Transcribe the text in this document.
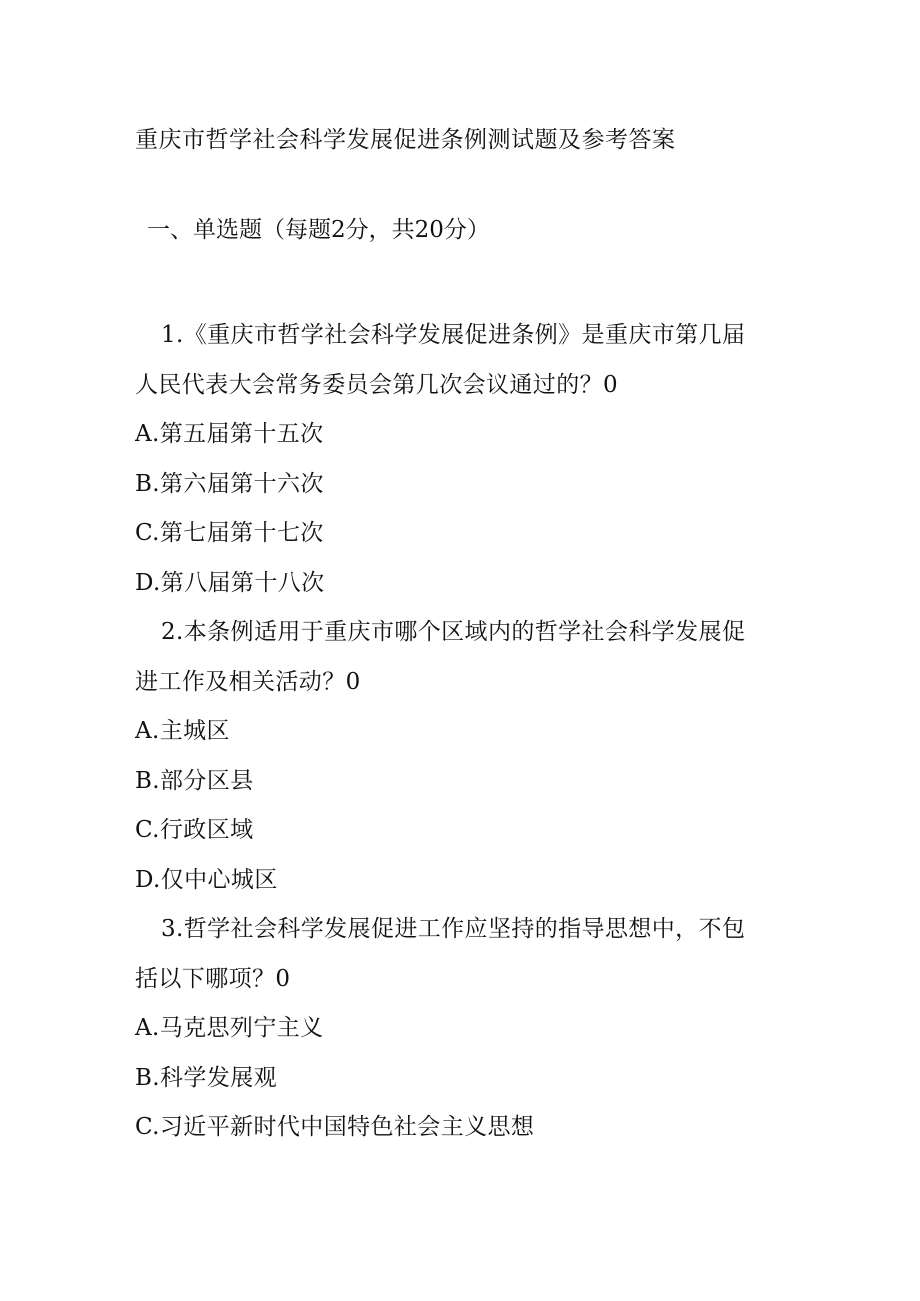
重庆市哲学社会科学发展促进条例测试题及参考答案
一、单选题（每题2分，共20分）
1.《重庆市哲学社会科学发展促进条例》是重庆市第几届
人民代表大会常务委员会第几次会议通过的？0
A.第五届第十五次
B.第六届第十六次
C.第七届第十七次
D.第八届第十八次
2.本条例适用于重庆市哪个区域内的哲学社会科学发展促
进工作及相关活动？0
A.主城区
B.部分区县
C.行政区域
D.仅中心城区
3.哲学社会科学发展促进工作应坚持的指导思想中，不包
括以下哪项？0
A.马克思列宁主义
B.科学发展观
C.习近平新时代中国特色社会主义思想
